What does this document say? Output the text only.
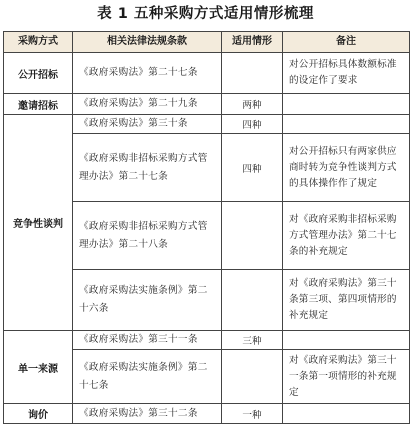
表 1 五种采购方式适用情形梳理
采购方式	相关法律法规条款	适用情形	备注
公开招标	《政府采购法》第二十七条		对公开招标具体数额标准的设定作了要求
邀请招标	《政府采购法》第二十九条	两种	
竞争性谈判	《政府采购法》第三十条	四种	
	《政府采购非招标采购方式管理办法》第二十七条	四种	对公开招标只有两家供应商时转为竞争性谈判方式的具体操作作了规定
	《政府采购非招标采购方式管理办法》第二十八条		对《政府采购非招标采购方式管理办法》第二十七条的补充规定
	《政府采购法实施条例》第二十六条		对《政府采购法》第三十条第三项、第四项情形的补充规定
单一来源	《政府采购法》第三十一条	三种	
	《政府采购法实施条例》第二十七条		对《政府采购法》第三十一条第一项情形的补充规定
询价	《政府采购法》第三十二条	一种	
